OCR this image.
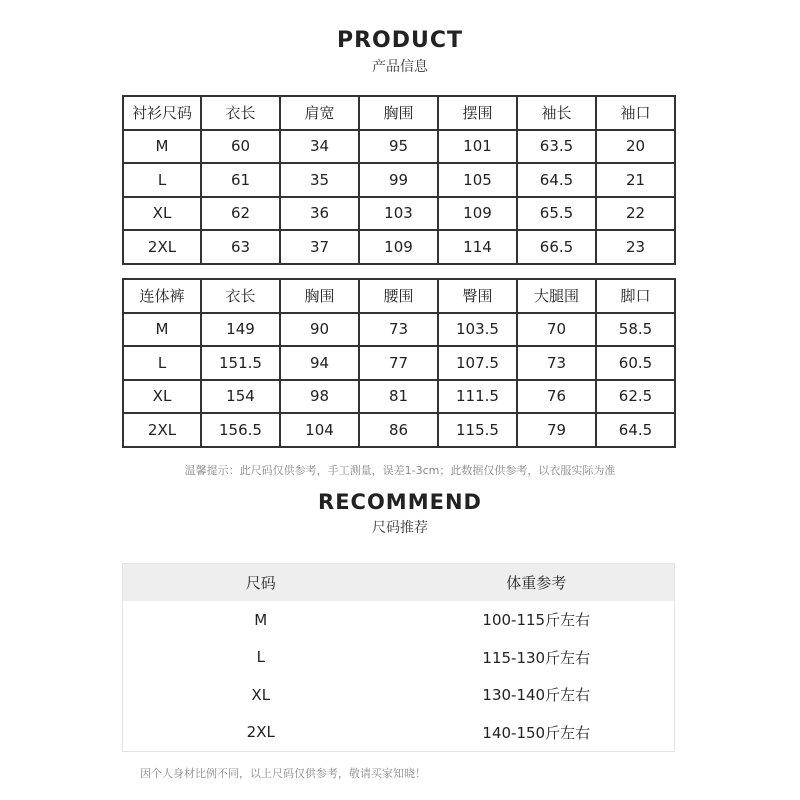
PRODUCT
产品信息
衬衫尺码	衣长	肩宽	胸围	摆围	袖长	袖口
M	60	34	95	101	63.5	20
L	61	35	99	105	64.5	21
XL	62	36	103	109	65.5	22
2XL	63	37	109	114	66.5	23
连体裤	衣长	胸围	腰围	臀围	大腿围	脚口
M	149	90	73	103.5	70	58.5
L	151.5	94	77	107.5	73	60.5
XL	154	98	81	111.5	76	62.5
2XL	156.5	104	86	115.5	79	64.5
温馨提示：此尺码仅供参考，手工测量，误差1-3cm；此数据仅供参考，以衣服实际为准
RECOMMEND
尺码推荐
尺码	体重参考
M	100-115斤左右
L	115-130斤左右
XL	130-140斤左右
2XL	140-150斤左右
因个人身材比例不同，以上尺码仅供参考，敬请买家知晓！
